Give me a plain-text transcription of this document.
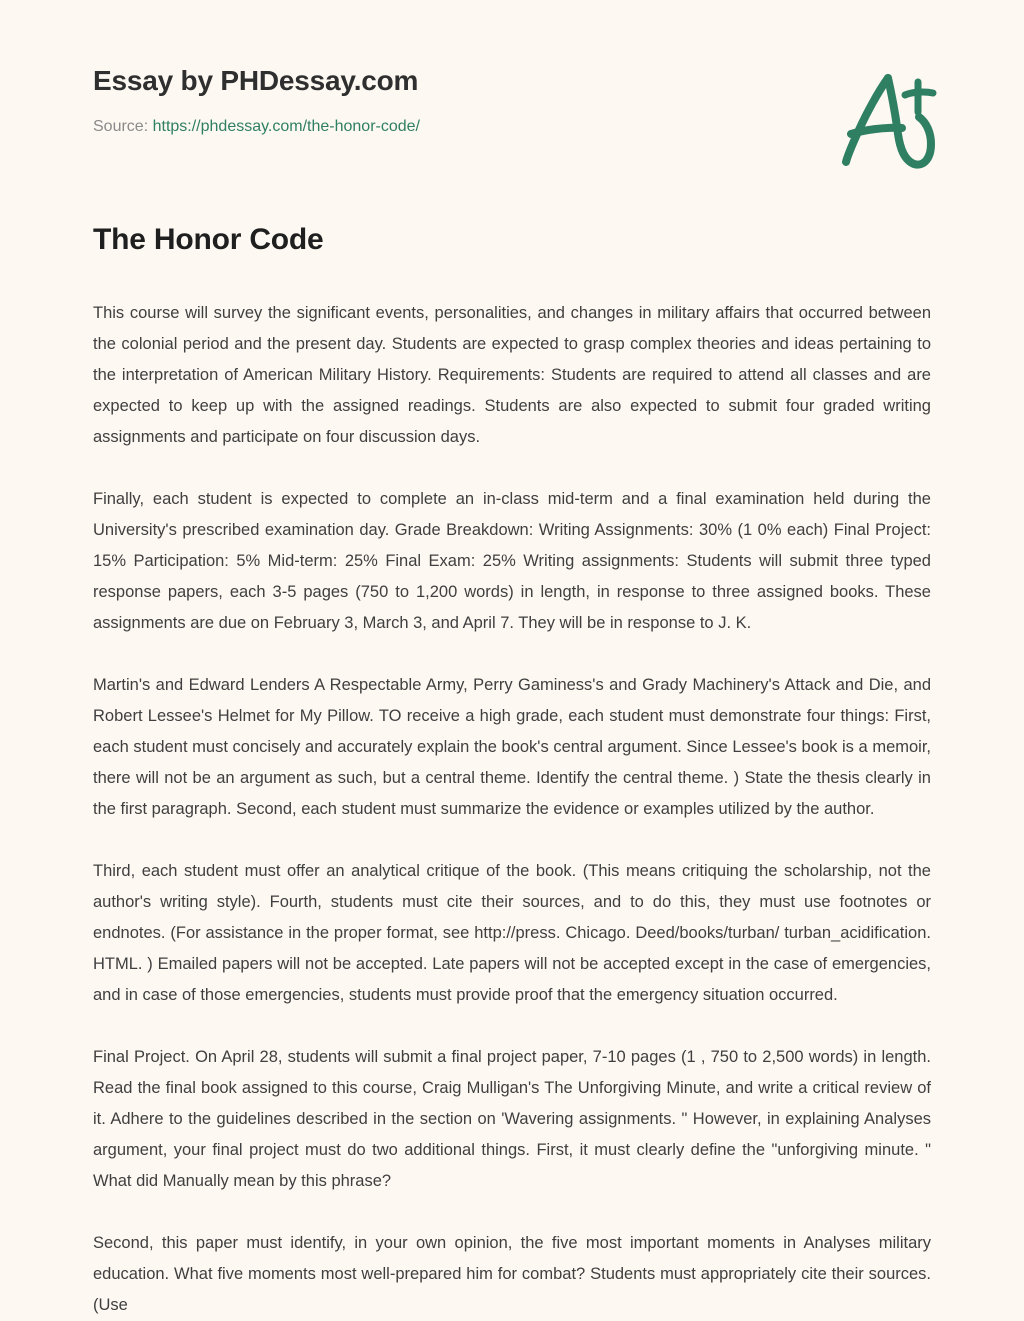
Essay by PHDessay.com
Source: https://phdessay.com/the-honor-code/
The Honor Code

This course will survey the significant events, personalities, and changes in military affairs that occurred between the colonial period and the present day. Students are expected to grasp complex theories and ideas pertaining to the interpretation of American Military History. Requirements: Students are required to attend all classes and are expected to keep up with the assigned readings. Students are also expected to submit four graded writing assignments and participate on four discussion days.

Finally, each student is expected to complete an in-class mid-term and a final examination held during the University's prescribed examination day. Grade Breakdown: Writing Assignments: 30% (1 0% each) Final Project: 15% Participation: 5% Mid-term: 25% Final Exam: 25% Writing assignments: Students will submit three typed response papers, each 3-5 pages (750 to 1,200 words) in length, in response to three assigned books. These assignments are due on February 3, March 3, and April 7. They will be in response to J. K.

Martin's and Edward Lenders A Respectable Army, Perry Gaminess's and Grady Machinery's Attack and Die, and Robert Lessee's Helmet for My Pillow. TO receive a high grade, each student must demonstrate four things: First, each student must concisely and accurately explain the book's central argument. Since Lessee's book is a memoir, there will not be an argument as such, but a central theme. Identify the central theme. ) State the thesis clearly in the first paragraph. Second, each student must summarize the evidence or examples utilized by the author.

Third, each student must offer an analytical critique of the book. (This means critiquing the scholarship, not the author's writing style). Fourth, students must cite their sources, and to do this, they must use footnotes or endnotes. (For assistance in the proper format, see http://press. Chicago. Deed/books/turban/ turban_acidification. HTML. ) Emailed papers will not be accepted. Late papers will not be accepted except in the case of emergencies, and in case of those emergencies, students must provide proof that the emergency situation occurred.

Final Project. On April 28, students will submit a final project paper, 7-10 pages (1 , 750 to 2,500 words) in length. Read the final book assigned to this course, Craig Mulligan's The Unforgiving Minute, and write a critical review of it. Adhere to the guidelines described in the section on 'Wavering assignments. " However, in explaining Analyses argument, your final project must do two additional things. First, it must clearly define the "unforgiving minute. " What did Manually mean by this phrase?

Second, this paper must identify, in your own opinion, the five most important moments in Analyses military education. What five moments most well-prepared him for combat? Students must appropriately cite their sources. (Use
